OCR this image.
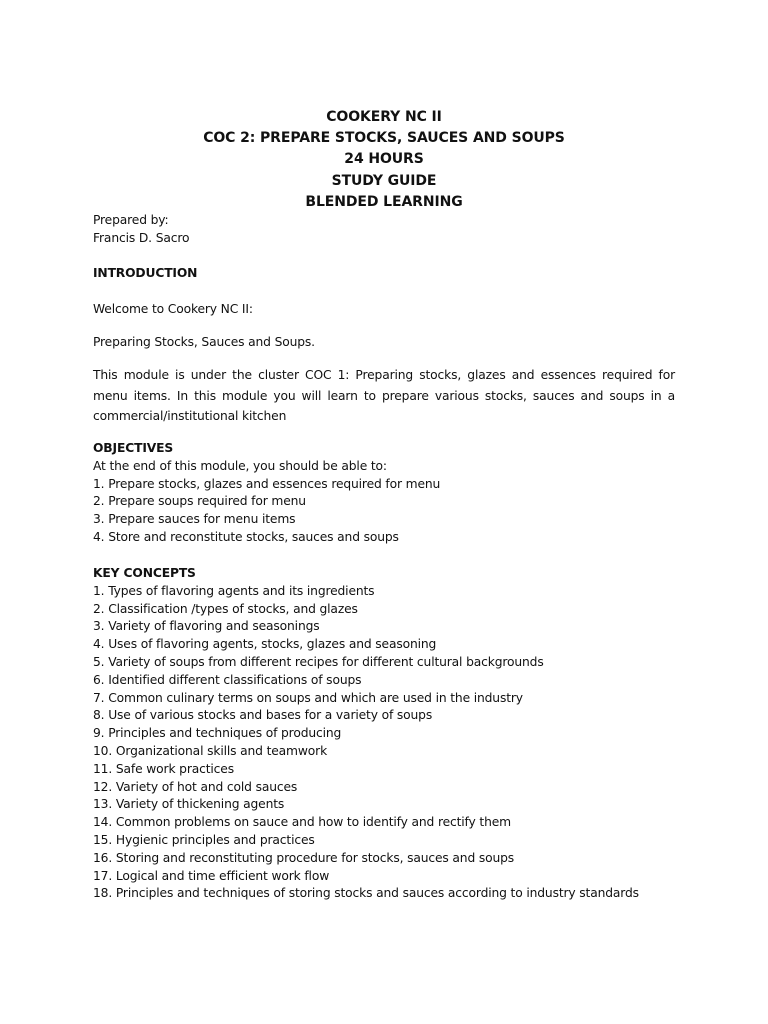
COOKERY NC II
COC 2: PREPARE STOCKS, SAUCES AND SOUPS
24 HOURS
STUDY GUIDE
BLENDED LEARNING
Prepared by:
Francis D. Sacro
INTRODUCTION
Welcome to Cookery NC II:
Preparing Stocks, Sauces and Soups.
This module is under the cluster COC 1: Preparing stocks, glazes and essences required for menu items. In this module you will learn to prepare various stocks, sauces and soups in a commercial/institutional kitchen
OBJECTIVES
At the end of this module, you should be able to:
1. Prepare stocks, glazes and essences required for menu
2. Prepare soups required for menu
3. Prepare sauces for menu items
4. Store and reconstitute stocks, sauces and soups
KEY CONCEPTS
1. Types of flavoring agents and its ingredients
2. Classification /types of stocks, and glazes
3. Variety of flavoring and seasonings
4. Uses of flavoring agents, stocks, glazes and seasoning
5. Variety of soups from different recipes for different cultural backgrounds
6. Identified different classifications of soups
7. Common culinary terms on soups and which are used in the industry
8. Use of various stocks and bases for a variety of soups
9. Principles and techniques of producing
10. Organizational skills and teamwork
11. Safe work practices
12. Variety of hot and cold sauces
13. Variety of thickening agents
14. Common problems on sauce and how to identify and rectify them
15. Hygienic principles and practices
16. Storing and reconstituting procedure for stocks, sauces and soups
17. Logical and time efficient work flow
18. Principles and techniques of storing stocks and sauces according to industry standards
